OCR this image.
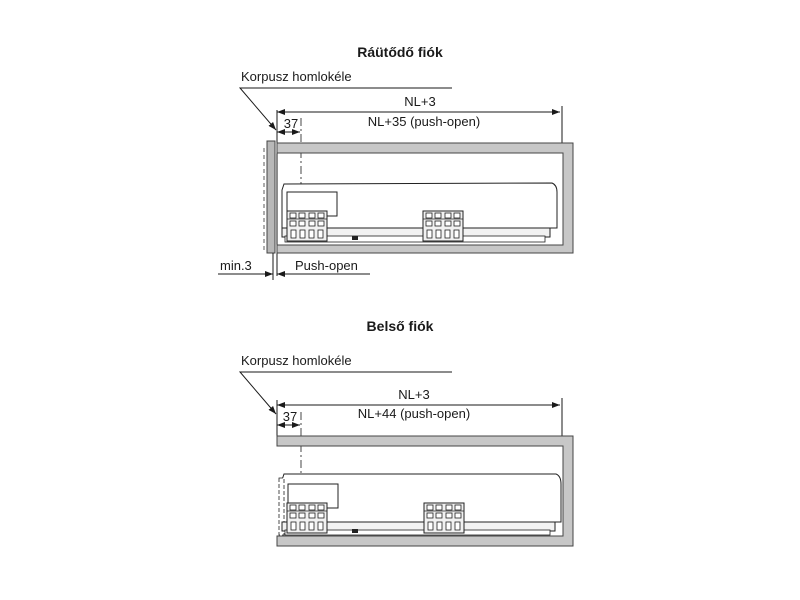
Ráütődő fiók
Korpusz homlokéle
NL+3
NL+35 (push-open)
37
min.3	Push-open
Belső fiók
Korpusz homlokéle
NL+3
NL+44 (push-open)
37
